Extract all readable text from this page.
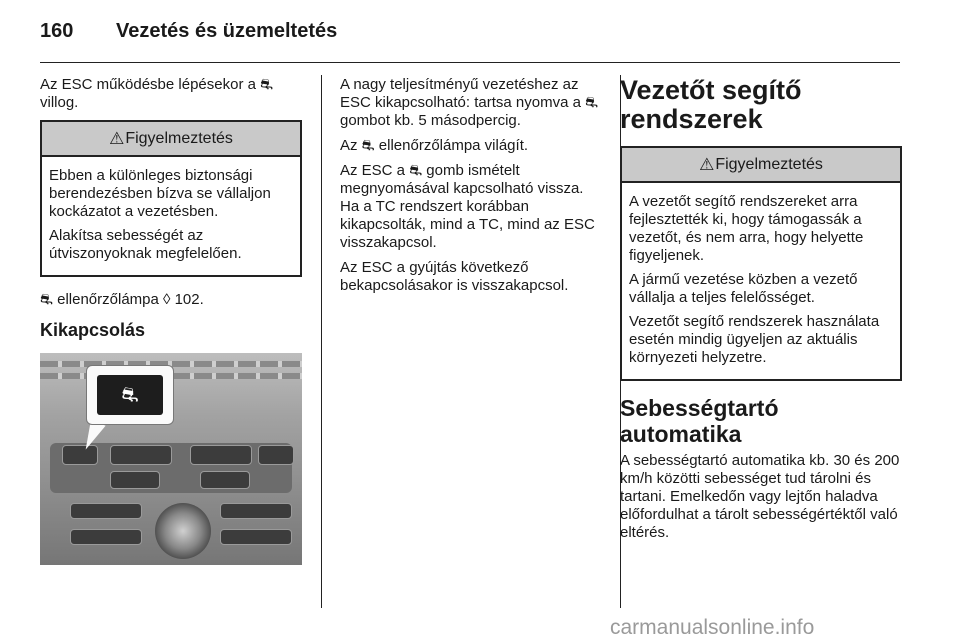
160	Vezetés és üzemeltetés

Az ESC működésbe lépésekor a ⛐ villog.

⚠ Figyelmeztetés

Ebben a különleges biztonsági berendezésben bízva se vállaljon kockázatot a vezetésben.

Alakítsa sebességét az útviszonyoknak megfelelően.

⛐ ellenőrzőlámpa ◊ 102.

Kikapcsolás
⛐

A nagy teljesítményű vezetéshez az ESC kikapcsolható: tartsa nyomva a ⛐ gombot kb. 5 másodpercig.

Az ⛐ ellenőrzőlámpa világít.

Az ESC a ⛐ gomb ismételt megnyomásával kapcsolható vissza. Ha a TC rendszert korábban kikapcsolták, mind a TC, mind az ESC visszakapcsol.

Az ESC a gyújtás következő bekapcsolásakor is visszakapcsol.

Vezetőt segítő rendszerek
⚠ Figyelmeztetés

A vezetőt segítő rendszereket arra fejlesztették ki, hogy támogassák a vezetőt, és nem arra, hogy helyette figyeljenek.

A jármű vezetése közben a vezető vállalja a teljes felelősséget.

Vezetőt segítő rendszerek használata esetén mindig ügyeljen az aktuális környezeti helyzetre.

Sebességtartó automatika

A sebességtartó automatika kb. 30 és 200 km/h közötti sebességet tud tárolni és tartani. Emelkedőn vagy lejtőn haladva előfordulhat a tárolt sebességértéktől való eltérés.

carmanualsonline.info
